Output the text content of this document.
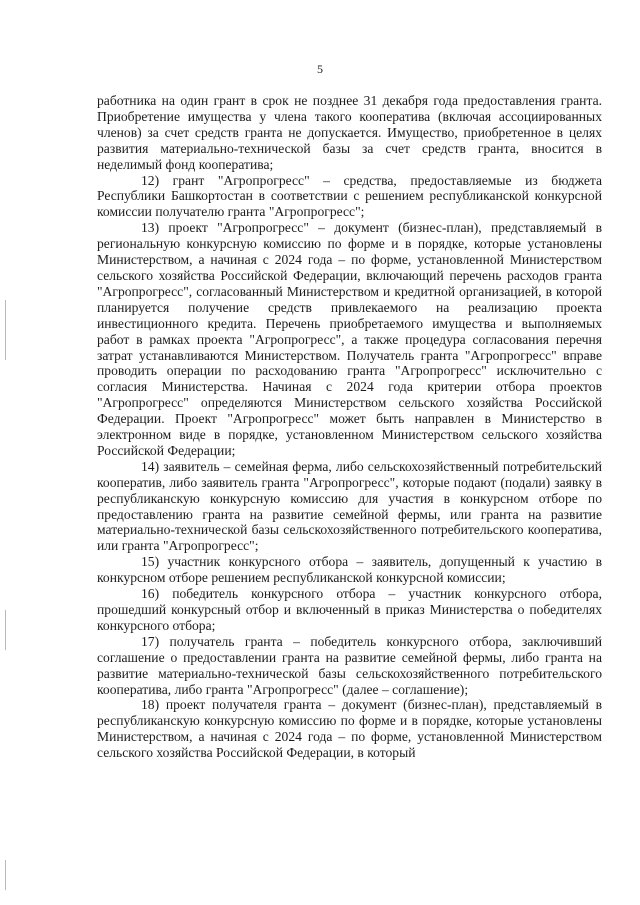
5

работника на один грант в срок не позднее 31 декабря года предоставления гранта. Приобретение имущества у члена такого кооператива (включая ассоциированных членов) за счет средств гранта не допускается. Имущество, приобретенное в целях развития материально-технической базы за счет средств гранта, вносится в неделимый фонд кооператива;

12) грант "Агропрогресс" – средства, предоставляемые из бюджета Республики Башкортостан в соответствии с решением республиканской конкурсной комиссии получателю гранта "Агропрогресс";

13) проект "Агропрогресс" – документ (бизнес-план), представляемый в региональную конкурсную комиссию по форме и в порядке, которые установлены Министерством, а начиная с 2024 года – по форме, установленной Министерством сельского хозяйства Российской Федерации, включающий перечень расходов гранта "Агропрогресс", согласованный Министерством и кредитной организацией, в которой планируется получение средств привлекаемого на реализацию проекта инвестиционного кредита. Перечень приобретаемого имущества и выполняемых работ в рамках проекта "Агропрогресс", а также процедура согласования перечня затрат устанавливаются Министерством. Получатель гранта "Агропрогресс" вправе проводить операции по расходованию гранта "Агропрогресс" исключительно с согласия Министерства. Начиная с 2024 года критерии отбора проектов "Агропрогресс" определяются Министерством сельского хозяйства Российской Федерации. Проект "Агропрогресс" может быть направлен в Министерство в электронном виде в порядке, установленном Министерством сельского хозяйства Российской Федерации;

14) заявитель – семейная ферма, либо сельскохозяйственный потребительский кооператив, либо заявитель гранта "Агропрогресс", которые подают (подали) заявку в республиканскую конкурсную комиссию для участия в конкурсном отборе по предоставлению гранта на развитие семейной фермы, или гранта на развитие материально-технической базы сельскохозяйственного потребительского кооператива, или гранта "Агропрогресс";

15) участник конкурсного отбора – заявитель, допущенный к участию в конкурсном отборе решением республиканской конкурсной комиссии;

16) победитель конкурсного отбора – участник конкурсного отбора, прошедший конкурсный отбор и включенный в приказ Министерства о победителях конкурсного отбора;

17) получатель гранта – победитель конкурсного отбора, заключивший соглашение о предоставлении гранта на развитие семейной фермы, либо гранта на развитие материально-технической базы сельскохозяйственного потребительского кооператива, либо гранта "Агропрогресс" (далее – соглашение);

18) проект получателя гранта – документ (бизнес-план), представляемый в республиканскую конкурсную комиссию по форме и в порядке, которые установлены Министерством, а начиная с 2024 года – по форме, установленной Министерством сельского хозяйства Российской Федерации, в который
